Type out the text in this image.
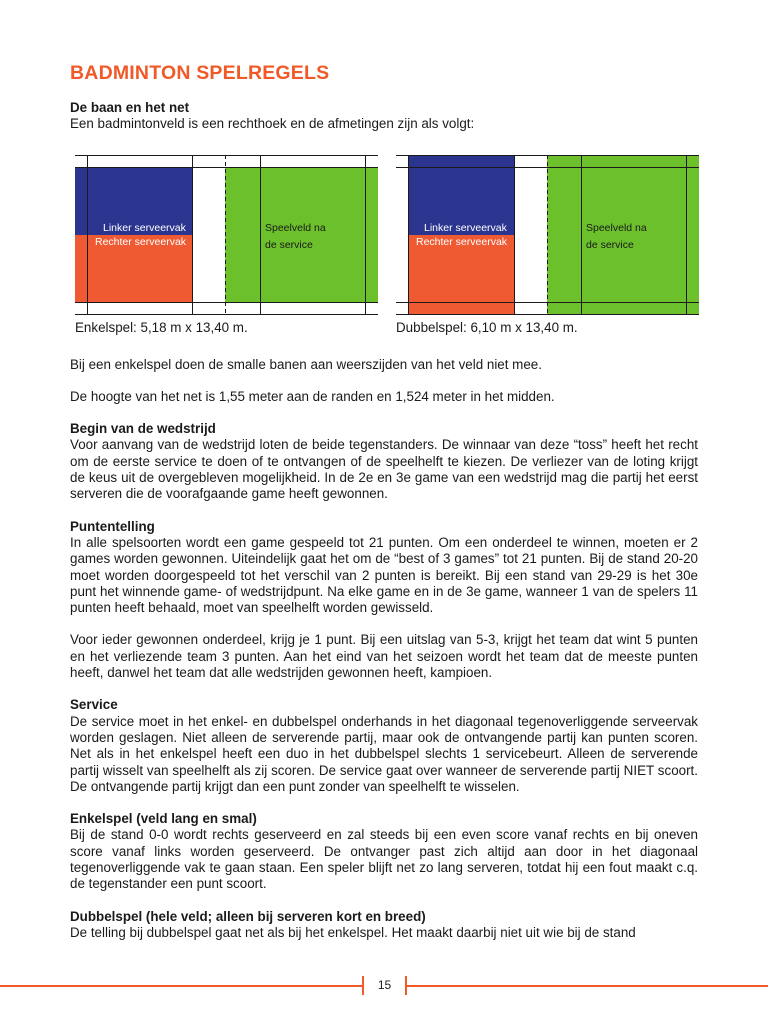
BADMINTON SPELREGELS

De baan en het net

Een badmintonveld is een rechthoek en de afmetingen zijn als volgt:

Bij een enkelspel doen de smalle banen aan weerszijden van het veld niet mee.

De hoogte van het net is 1,55 meter aan de randen en 1,524 meter in het midden.

Begin van de wedstrijd

Voor aanvang van de wedstrijd loten de beide tegenstanders. De winnaar van deze “toss” heeft het recht om de eerste service te doen of te ontvangen of de speelhelft te kiezen. De verliezer van de loting krijgt de keus uit de overgebleven mogelijkheid. In de 2e en 3e game van een wedstrijd mag die partij het eerst serveren die de voorafgaande game heeft gewonnen.

Puntentelling

In alle spelsoorten wordt een game gespeeld tot 21 punten. Om een onderdeel te winnen, moeten er 2 games worden gewonnen. Uiteindelijk gaat het om de “best of 3 games” tot 21 punten. Bij de stand 20-20 moet worden doorgespeeld tot het verschil van 2 punten is bereikt. Bij een stand van 29-29 is het 30e punt het winnende game- of wedstrijdpunt. Na elke game en in de 3e game, wanneer 1 van de spelers 11 punten heeft behaald, moet van speelhelft worden gewisseld.

Voor ieder gewonnen onderdeel, krijg je 1 punt. Bij een uitslag van 5-3, krijgt het team dat wint 5 punten en het verliezende team 3 punten. Aan het eind van het seizoen wordt het team dat de meeste punten heeft, danwel het team dat alle wedstrijden gewonnen heeft, kampioen.

Service

De service moet in het enkel- en dubbelspel onderhands in het diagonaal tegenoverliggende serveervak worden geslagen. Niet alleen de serverende partij, maar ook de ontvangende partij kan punten scoren. Net als in het enkelspel heeft een duo in het dubbelspel slechts 1 servicebeurt. Alleen de serverende partij wisselt van speelhelft als zij scoren. De service gaat over wanneer de serverende partij NIET scoort. De ontvangende partij krijgt dan een punt zonder van speelhelft te wisselen.

Enkelspel (veld lang en smal)

Bij de stand 0-0 wordt rechts geserveerd en zal steeds bij een even score vanaf rechts en bij oneven score vanaf links worden geserveerd. De ontvanger past zich altijd aan door in het diagonaal tegenoverliggende vak te gaan staan. Een speler blijft net zo lang serveren, totdat hij een fout maakt c.q. de tegenstander een punt scoort.

Dubbelspel (hele veld; alleen bij serveren kort en breed)

De telling bij dubbelspel gaat net als bij het enkelspel. Het maakt daarbij niet uit wie bij de stand

Linker serveervak
Rechter serveervak
Speelveld na
de service
Enkelspel: 5,18 m x 13,40 m.
Linker serveervak
Rechter serveervak
Speelveld na
de service
Dubbelspel: 6,10 m x 13,40 m.
15
